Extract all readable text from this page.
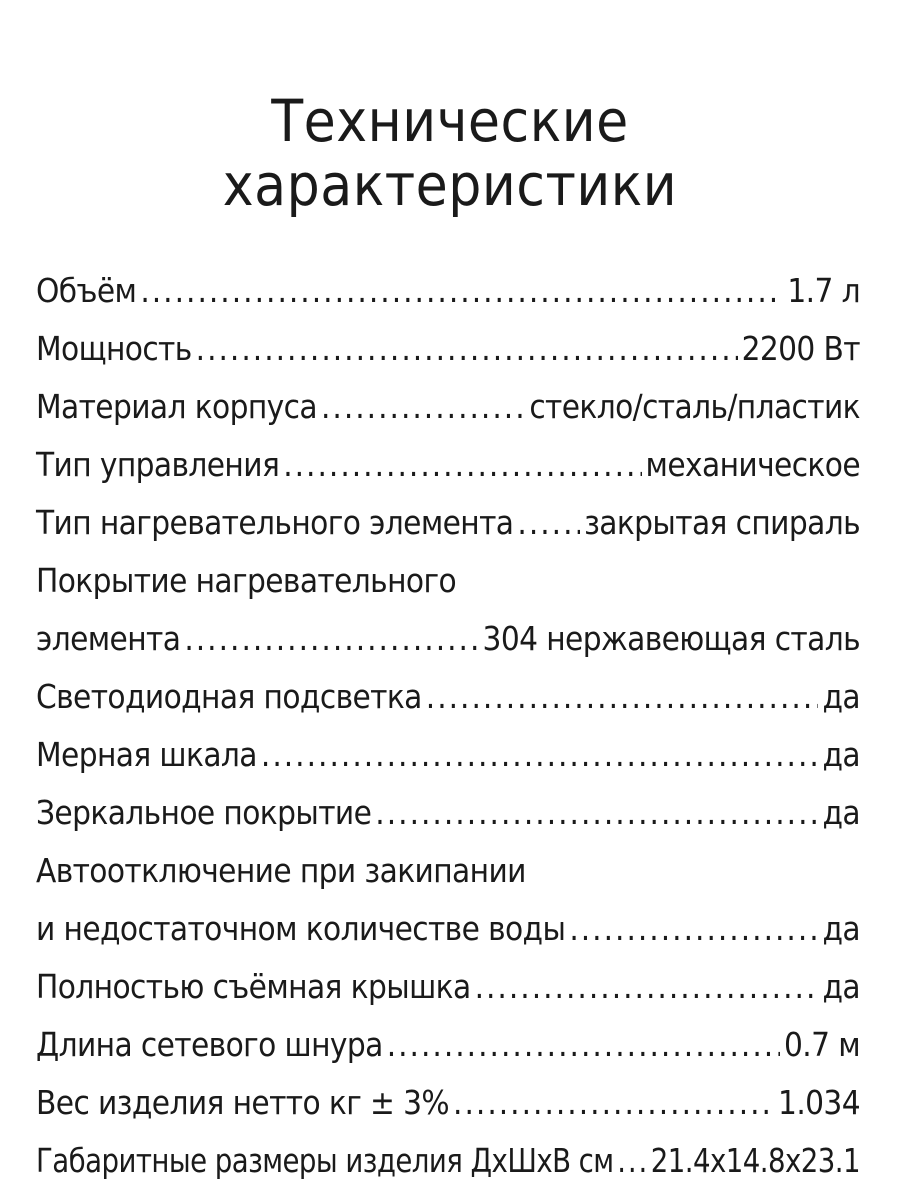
Технические
характеристики
Объём .....	1.7 л
Мощность .....	2200 Вт
Материал корпуса .....	стекло/сталь/пластик
Тип управления .....	механическое
Тип нагревательного элемента ..... закрытая спираль
Покрытие нагревательного
элемента .....	304 нержавеющая сталь
Светодиодная подсветка .....	да
Мерная шкала .....	да
Зеркальное покрытие .....	да
Автоотключение при закипании
и недостаточном количестве воды .....	да
Полностью съёмная крышка .....	да
Длина сетевого шнура .....	0.7 м
Вес изделия нетто кг ± 3% .....	1.034
Габаритные размеры изделия ДхШхВ см ..... 21.4x14.8x23.1
